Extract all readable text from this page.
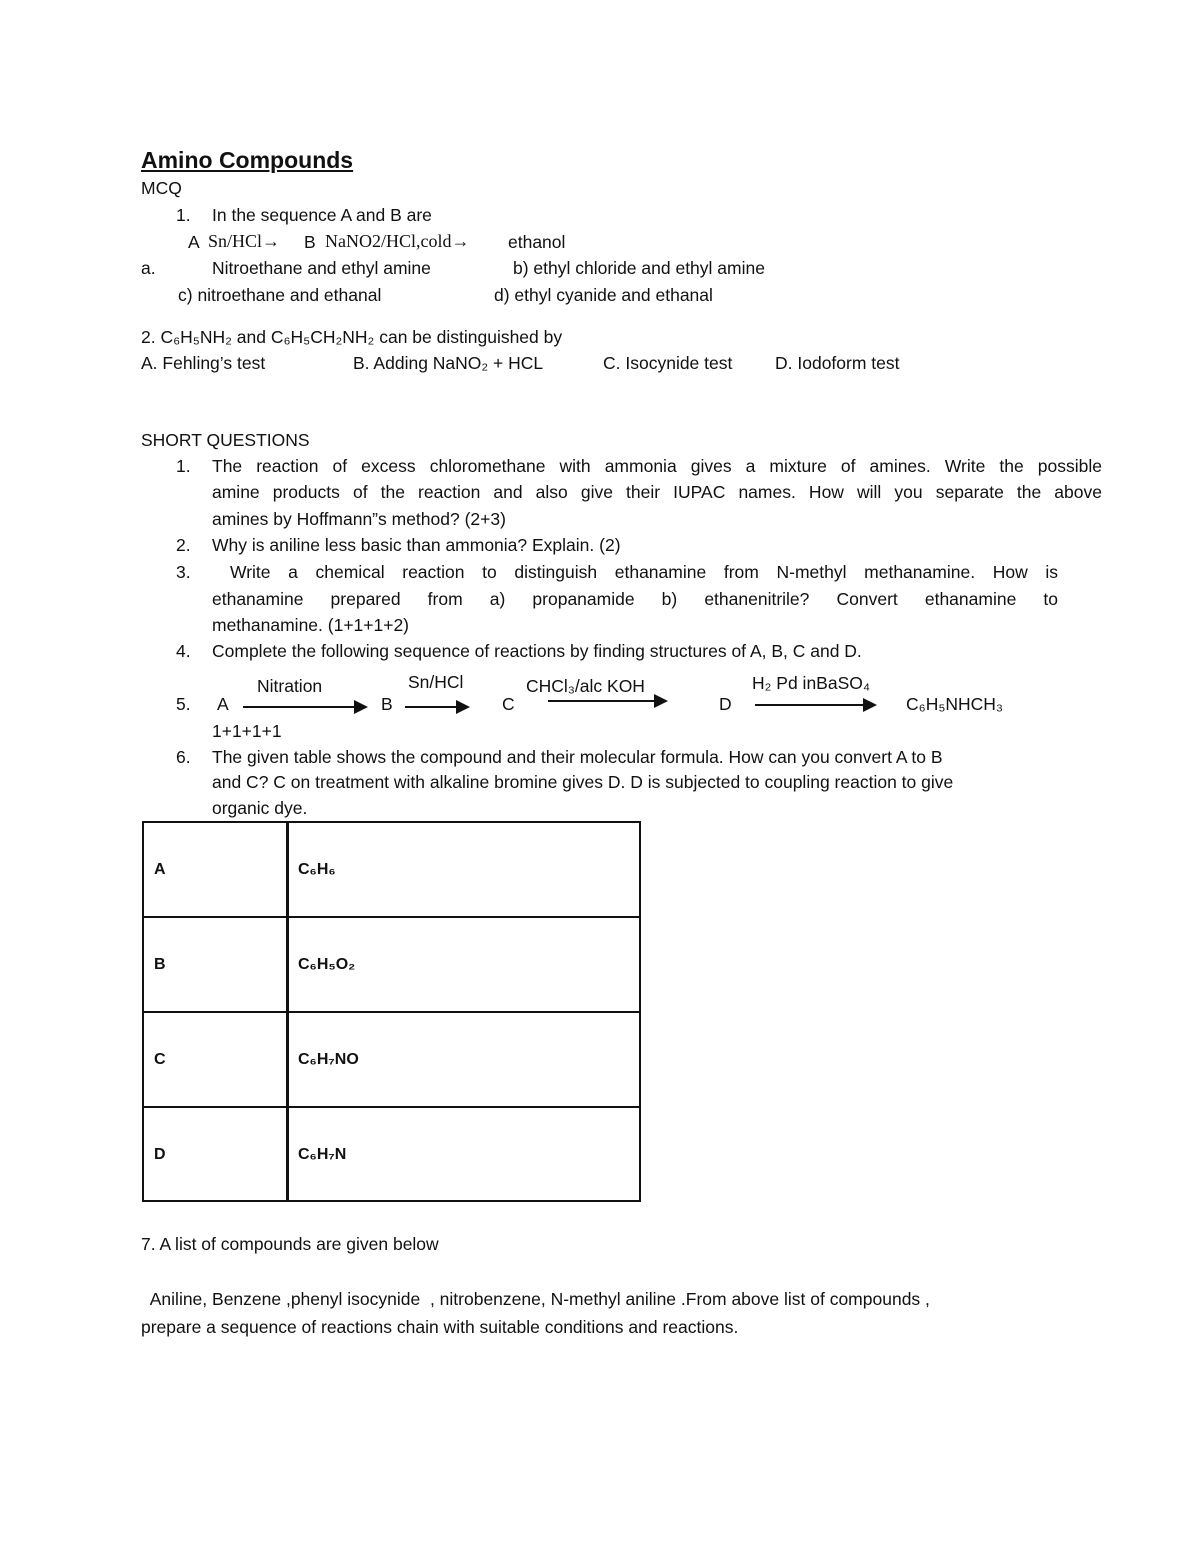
Amino Compounds
MCQ
1. In the sequence A and B are
A Sn/HCl→ B NaNO2/HCl,cold→ ethanol
a.	Nitroethane and ethyl amine	b) ethyl chloride and ethyl amine
c) nitroethane and ethanal	d) ethyl cyanide and ethanal
2. C₆H₅NH₂ and C₆H₅CH₂NH₂ can be distinguished by
A. Fehling’s test	B. Adding NaNO₂ + HCL	C. Isocynide test D. Iodoform test
SHORT QUESTIONS
1. The reaction of excess chloromethane with ammonia gives a mixture of amines. Write the possible
amine products of the reaction and also give their IUPAC names. How will you separate the above
amines by Hoffmann”s method? (2+3)
2. Why is aniline less basic than ammonia? Explain. (2)
3. Write a chemical reaction to distinguish ethanamine from N-methyl methanamine. How is
ethanamine prepared from a) propanamide b) ethanenitrile? Convert ethanamine to
methanamine. (1+1+1+2)
4. Complete the following sequence of reactions by finding structures of A, B, C and D.
5. A
Nitration
B
Sn/HCl
C
CHCl₃/alc KOH
D
H₂ Pd inBaSO₄
C₆H₅NHCH₃
1+1+1+1
6. The given table shows the compound and their molecular formula. How can you convert A to B
and C? C on treatment with alkaline bromine gives D. D is subjected to coupling reaction to give
organic dye.
A	C₆H₆
B	C₆H₅O₂
C	C₆H₇NO
D	C₆H₇N
7. A list of compounds are given below
Aniline, Benzene ,phenyl isocynide  , nitrobenzene, N-methyl aniline .From above list of compounds ,
prepare a sequence of reactions chain with suitable conditions and reactions.
